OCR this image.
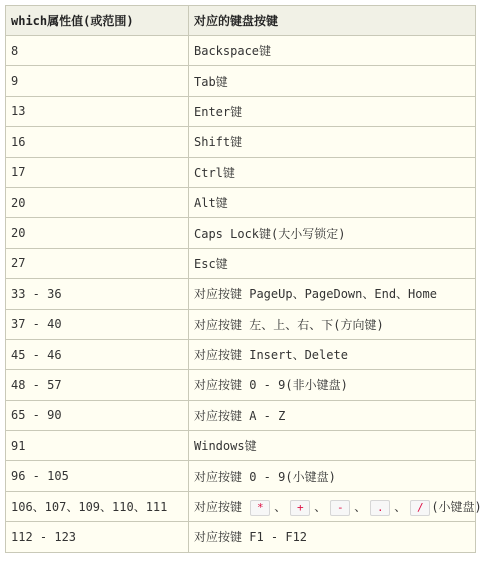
which属性值(或范围)	对应的键盘按键
8	Backspace键
9	Tab键
13	Enter键
16	Shift键
17	Ctrl键
20	Alt键
20	Caps Lock键(大小写锁定)
27	Esc键
33 - 36	对应按键 PageUp、PageDown、End、Home
37 - 40	对应按键 左、上、右、下(方向键)
45 - 46	对应按键 Insert、Delete
48 - 57	对应按键 0 - 9(非小键盘)
65 - 90	对应按键 A - Z
91	Windows键
96 - 105	对应按键 0 - 9(小键盘)
106、107、109、110、111	对应按键 * 、 + 、 - 、 . 、 / (小键盘)
112 - 123	对应按键 F1 - F12
